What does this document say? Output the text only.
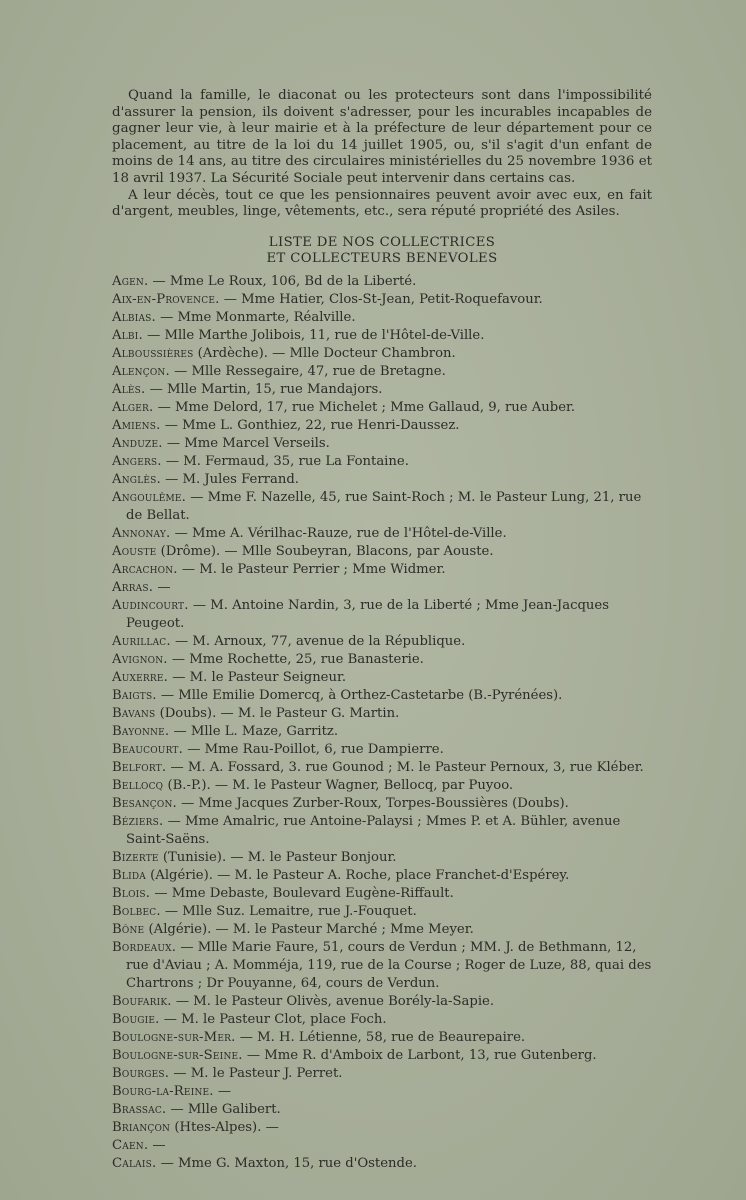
Quand la famille, le diaconat ou les protecteurs sont dans l'impossibilité d'assurer la pension, ils doivent s'adresser, pour les incurables incapables de gagner leur vie, à leur mairie et à la préfecture de leur département pour ce placement, au titre de la loi du 14 juillet 1905, ou, s'il s'agit d'un enfant de moins de 14 ans, au titre des circulaires ministérielles du 25 novembre 1936 et 18 avril 1937. La Sécurité Sociale peut intervenir dans certains cas.

A leur décès, tout ce que les pensionnaires peuvent avoir avec eux, en fait d'argent, meubles, linge, vêtements, etc., sera réputé propriété des Asiles.

LISTE DE NOS COLLECTRICES
ET COLLECTEURS BENEVOLES

Agen. — Mme Le Roux, 106, Bd de la Liberté.

Aix-en-Provence. — Mme Hatier, Clos-St-Jean, Petit-Roquefavour.

Albias. — Mme Monmarte, Réalville.

Albi. — Mlle Marthe Jolibois, 11, rue de l'Hôtel-de-Ville.

Alboussières (Ardèche). — Mlle Docteur Chambron.

Alençon. — Mlle Ressegaire, 47, rue de Bretagne.

Alès. — Mlle Martin, 15, rue Mandajors.

Alger. — Mme Delord, 17, rue Michelet ; Mme Gallaud, 9, rue Auber.

Amiens. — Mme L. Gonthiez, 22, rue Henri-Daussez.

Anduze. — Mme Marcel Verseils.

Angers. — M. Fermaud, 35, rue La Fontaine.

Anglès. — M. Jules Ferrand.

Angoulême. — Mme F. Nazelle, 45, rue Saint-Roch ; M. le Pasteur Lung, 21, rue de Bellat.

Annonay. — Mme A. Vérilhac-Rauze, rue de l'Hôtel-de-Ville.

Aouste (Drôme). — Mlle Soubeyran, Blacons, par Aouste.

Arcachon. — M. le Pasteur Perrier ; Mme Widmer.

Arras. —

Audincourt. — M. Antoine Nardin, 3, rue de la Liberté ; Mme Jean-Jacques Peugeot.

Aurillac. — M. Arnoux, 77, avenue de la République.

Avignon. — Mme Rochette, 25, rue Banasterie.

Auxerre. — M. le Pasteur Seigneur.

Baigts. — Mlle Emilie Domercq, à Orthez-Castetarbe (B.-Pyrénées).

Bavans (Doubs). — M. le Pasteur G. Martin.

Bayonne. — Mlle L. Maze, Garritz.

Beaucourt. — Mme Rau-Poillot, 6, rue Dampierre.

Belfort. — M. A. Fossard, 3. rue Gounod ; M. le Pasteur Pernoux, 3, rue Kléber.

Bellocq (B.-P.). — M. le Pasteur Wagner, Bellocq, par Puyoo.

Besançon. — Mme Jacques Zurber-Roux, Torpes-Boussières (Doubs).

Béziers. — Mme Amalric, rue Antoine-Palaysi ; Mmes P. et A. Bühler, avenue Saint-Saëns.

Bizerte (Tunisie). — M. le Pasteur Bonjour.

Blida (Algérie). — M. le Pasteur A. Roche, place Franchet-d'Espérey.

Blois. — Mme Debaste, Boulevard Eugène-Riffault.

Bolbec. — Mlle Suz. Lemaitre, rue J.-Fouquet.

Bône (Algérie). — M. le Pasteur Marché ; Mme Meyer.

Bordeaux. — Mlle Marie Faure, 51, cours de Verdun ; MM. J. de Bethmann, 12, rue d'Aviau ; A. Momméja, 119, rue de la Course ; Roger de Luze, 88, quai des Chartrons ; Dr Pouyanne, 64, cours de Verdun.

Boufarik. — M. le Pasteur Olivès, avenue Borély-la-Sapie.

Bougie. — M. le Pasteur Clot, place Foch.

Boulogne-sur-Mer. — M. H. Létienne, 58, rue de Beaurepaire.

Boulogne-sur-Seine. — Mme R. d'Amboix de Larbont, 13, rue Gutenberg.

Bourges. — M. le Pasteur J. Perret.

Bourg-la-Reine. —

Brassac. — Mlle Galibert.

Briançon (Htes-Alpes). —

Caen. —

Calais. — Mme G. Maxton, 15, rue d'Ostende.
